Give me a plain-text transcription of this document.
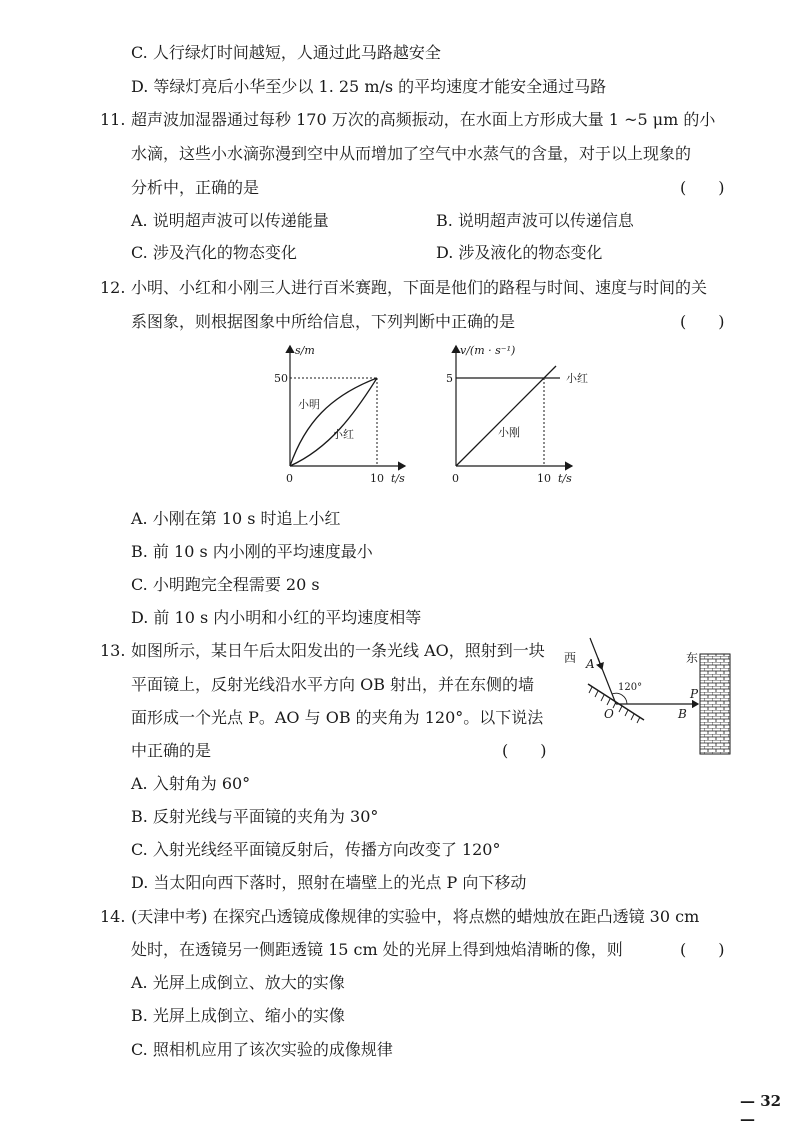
C. 人行绿灯时间越短，人通过此马路越安全
D. 等绿灯亮后小华至少以 1. 25 m/s 的平均速度才能安全通过马路
11. 超声波加湿器通过每秒 170 万次的高频振动，在水面上方形成大量 1 ~5 μm 的小
水滴，这些小水滴弥漫到空中从而增加了空气中水蒸气的含量，对于以上现象的
分析中，正确的是	(　　)
A. 说明超声波可以传递能量	B. 说明超声波可以传递信息
C. 涉及汽化的物态变化	D. 涉及液化的物态变化
12. 小明、小红和小刚三人进行百米赛跑，下面是他们的路程与时间、速度与时间的关
系图象，则根据图象中所给信息，下列判断中正确的是	(　　)
s/m
50
0	10 t/s
小明
小红
v/(m · s⁻¹)
5
0	10 t/s
小红
小刚
A. 小刚在第 10 s 时追上小红
B. 前 10 s 内小刚的平均速度最小
C. 小明跑完全程需要 20 s
D. 前 10 s 内小明和小红的平均速度相等
13. 如图所示，某日午后太阳发出的一条光线 AO，照射到一块
平面镜上，反射光线沿水平方向 OB 射出，并在东侧的墙
面形成一个光点 P。AO 与 OB 的夹角为 120°。以下说法
中正确的是	(　　)
西	东
A
120°
O	B
P
A. 入射角为 60°
B. 反射光线与平面镜的夹角为 30°
C. 入射光线经平面镜反射后，传播方向改变了 120°
D. 当太阳向西下落时，照射在墙壁上的光点 P 向下移动
14. (天津中考) 在探究凸透镜成像规律的实验中，将点燃的蜡烛放在距凸透镜 30 cm
处时，在透镜另一侧距透镜 15 cm 处的光屏上得到烛焰清晰的像，则	(　　)
A. 光屏上成倒立、放大的实像
B. 光屏上成倒立、缩小的实像
C. 照相机应用了该次实验的成像规律
— 32 —
